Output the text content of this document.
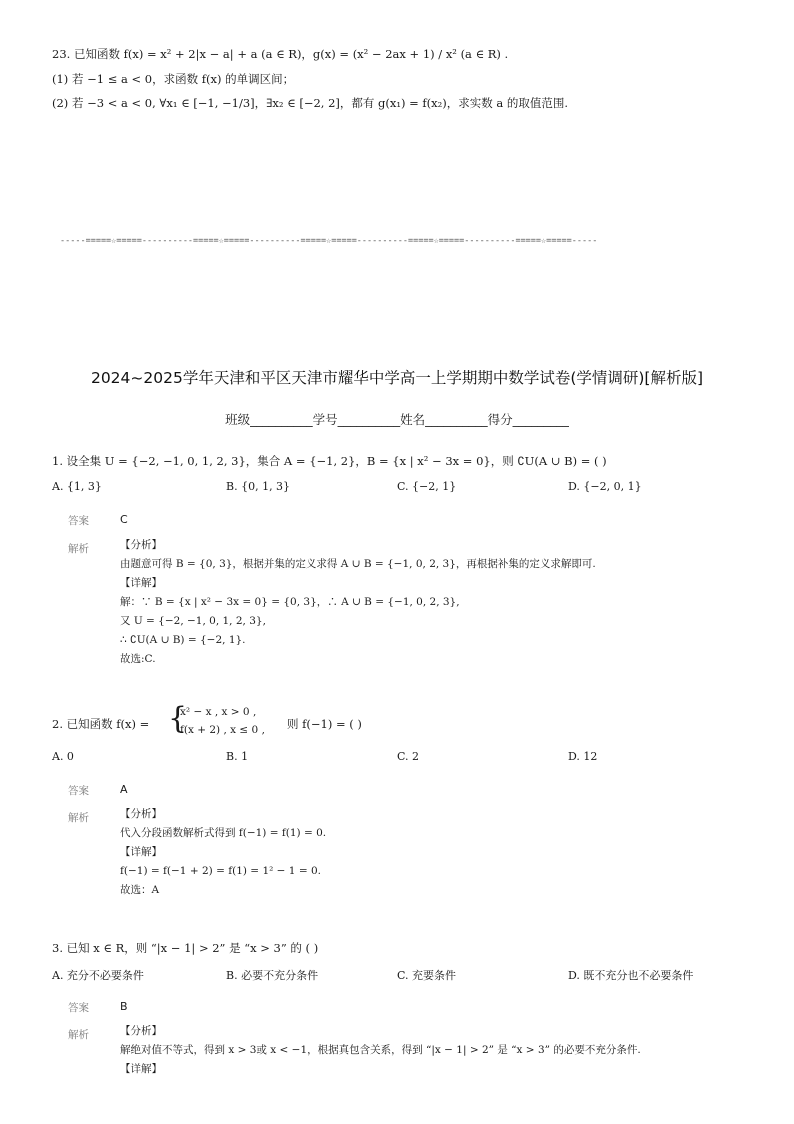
23. 已知函数 f(x) = x² + 2|x − a| + a (a ∈ R)，g(x) = (x² − 2ax + 1) / x² (a ∈ R) .
(1) 若 −1 ≤ a < 0，求函数 f(x) 的单调区间；
(2) 若 −3 < a < 0, ∀x₁ ∈ [−1, −1/3]，∃x₂ ∈ [−2, 2]，都有 g(x₁) = f(x₂)，求实数 a 的取值范围.
-----=====☆=====----------=====☆=====----------=====☆=====----------=====☆=====----------=====☆=====-----
2024~2025学年天津和平区天津市耀华中学高一上学期期中数学试卷(学情调研)[解析版]
班级__________学号__________姓名__________得分_________
1. 设全集 U = {−2, −1, 0, 1, 2, 3}，集合 A = {−1, 2}，B = {x | x² − 3x = 0}，则 ∁U(A ∪ B) = ( )
A. {1, 3}	B. {0, 1, 3}	C. {−2, 1}	D. {−2, 0, 1}
答案	C
解析	【分析】
由题意可得 B = {0, 3}，根据并集的定义求得 A ∪ B = {−1, 0, 2, 3}，再根据补集的定义求解即可.
【详解】
解：∵ B = {x | x² − 3x = 0} = {0, 3}，∴ A ∪ B = {−1, 0, 2, 3},
又 U = {−2, −1, 0, 1, 2, 3},
∴ ∁U(A ∪ B) = {−2, 1}.
故选:C.
2. 已知函数 f(x) = {
x² − x , x > 0 ,
f(x + 2) , x ≤ 0 , 则 f(−1) = ( )
A. 0	B. 1	C. 2	D. 12
答案	A
解析	【分析】
代入分段函数解析式得到 f(−1) = f(1) = 0.
【详解】
f(−1) = f(−1 + 2) = f(1) = 1² − 1 = 0.
故选：A
3. 已知 x ∈ R，则 “|x − 1| > 2” 是 “x > 3” 的 ( )
A. 充分不必要条件	B. 必要不充分条件	C. 充要条件	D. 既不充分也不必要条件
答案	B
解析	【分析】
解绝对值不等式，得到 x > 3或 x < −1，根据真包含关系，得到 “|x − 1| > 2” 是 “x > 3” 的必要不充分条件.
【详解】
